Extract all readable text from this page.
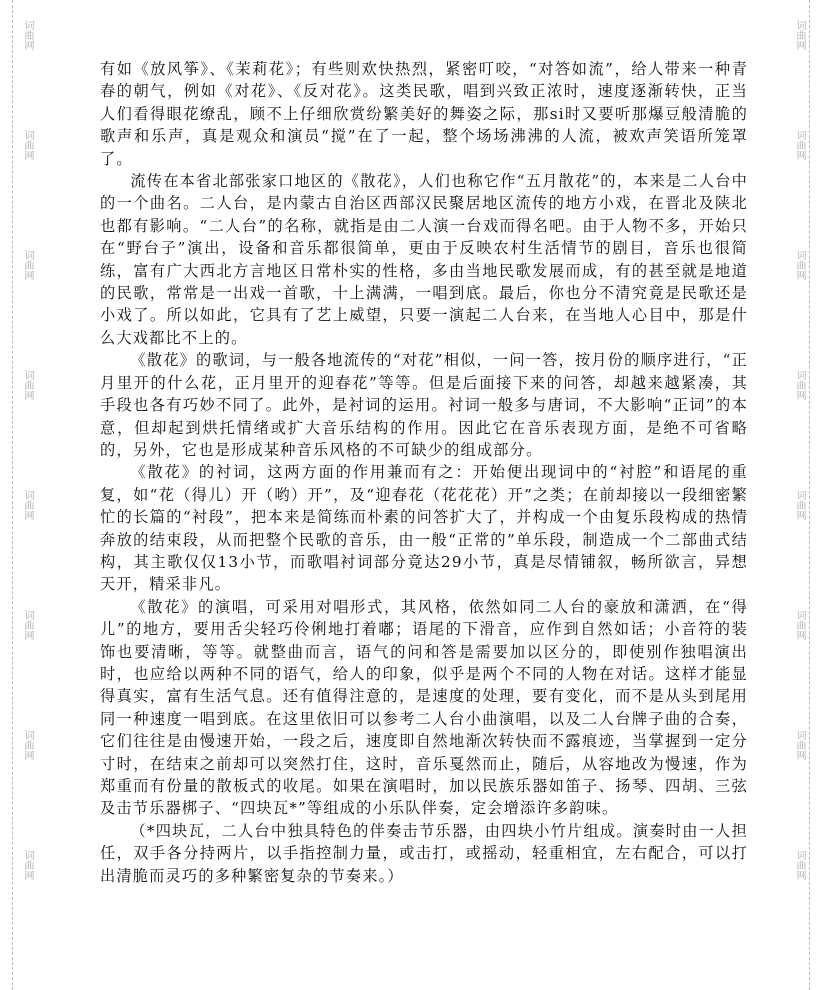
词曲网
词曲网
词曲网
词曲网
词曲网
词曲网
词曲网
词曲网
词曲网
词曲网
词曲网
词曲网
词曲网
词曲网
词曲网
词曲网

有如《放风筝》、《茉莉花》；有些则欢快热烈，紧密叮咬，“对答如流”，给人带来一种青春的朝气，例如《对花》、《反对花》。这类民歌，唱到兴致正浓时，速度逐渐转快，正当人们看得眼花缭乱，顾不上仔细欣赏纷繁美好的舞姿之际，那si时又要听那爆豆般清脆的歌声和乐声，真是观众和演员“搅”在了一起，整个场场沸沸的人流，被欢声笑语所笼罩了。

流传在本省北部张家口地区的《散花》，人们也称它作“五月散花”的，本来是二人台中的一个曲名。二人台，是内蒙古自治区西部汉民聚居地区流传的地方小戏，在晋北及陕北也都有影响。“二人台”的名称，就指是由二人演一台戏而得名吧。由于人物不多，开始只在“野台子”演出，设备和音乐都很简单，更由于反映农村生活情节的剧目，音乐也很简练，富有广大西北方言地区日常朴实的性格，多由当地民歌发展而成，有的甚至就是地道的民歌，常常是一出戏一首歌，十上满满，一唱到底。最后，你也分不清究竟是民歌还是小戏了。所以如此，它具有了艺上威望，只要一演起二人台来，在当地人心目中，那是什么大戏都比不上的。

《散花》的歌词，与一般各地流传的“对花”相似，一问一答，按月份的顺序进行，“正月里开的什么花，正月里开的迎春花”等等。但是后面接下来的问答，却越来越紧凑，其手段也各有巧妙不同了。此外，是衬词的运用。衬词一般多与唐词，不大影响“正词”的本意，但却起到烘托情绪或扩大音乐结构的作用。因此它在音乐表现方面，是绝不可省略的，另外，它也是形成某种音乐风格的不可缺少的组成部分。

《散花》的衬词，这两方面的作用兼而有之：开始便出现词中的“衬腔”和语尾的重复，如“花（得儿）开（哟）开”，及“迎春花（花花花）开”之类；在前却接以一段细密繁忙的长篇的“衬段”，把本来是简练而朴素的问答扩大了，并构成一个由复乐段构成的热情奔放的结束段，从而把整个民歌的音乐，由一般“正常的”单乐段，制造成一个二部曲式结构，其主歌仅仅13小节，而歌唱衬词部分竟达29小节，真是尽情铺叙，畅所欲言，异想天开，精采非凡。

《散花》的演唱，可采用对唱形式，其风格，依然如同二人台的豪放和潇洒，在“得儿”的地方，要用舌尖轻巧伶俐地打着嘟；语尾的下滑音，应作到自然如话；小音符的装饰也要清晰，等等。就整曲而言，语气的问和答是需要加以区分的，即使别作独唱演出时，也应给以两种不同的语气，给人的印象，似乎是两个不同的人物在对话。这样才能显得真实，富有生活气息。还有值得注意的，是速度的处理，要有变化，而不是从头到尾用同一种速度一唱到底。在这里依旧可以参考二人台小曲演唱，以及二人台牌子曲的合奏，它们往往是由慢速开始，一段之后，速度即自然地渐次转快而不露痕迹，当掌握到一定分寸时，在结束之前却可以突然打住，这时，音乐戛然而止，随后，从容地改为慢速，作为郑重而有份量的散板式的收尾。如果在演唱时，加以民族乐器如笛子、扬琴、四胡、三弦及击节乐器梆子、“四块瓦*”等组成的小乐队伴奏，定会增添许多韵味。

（*四块瓦，二人台中独具特色的伴奏击节乐器，由四块小竹片组成。演奏时由一人担任，双手各分持两片，以手指控制力量，或击打，或摇动，轻重相宜，左右配合，可以打出清脆而灵巧的多种繁密复杂的节奏来。）
